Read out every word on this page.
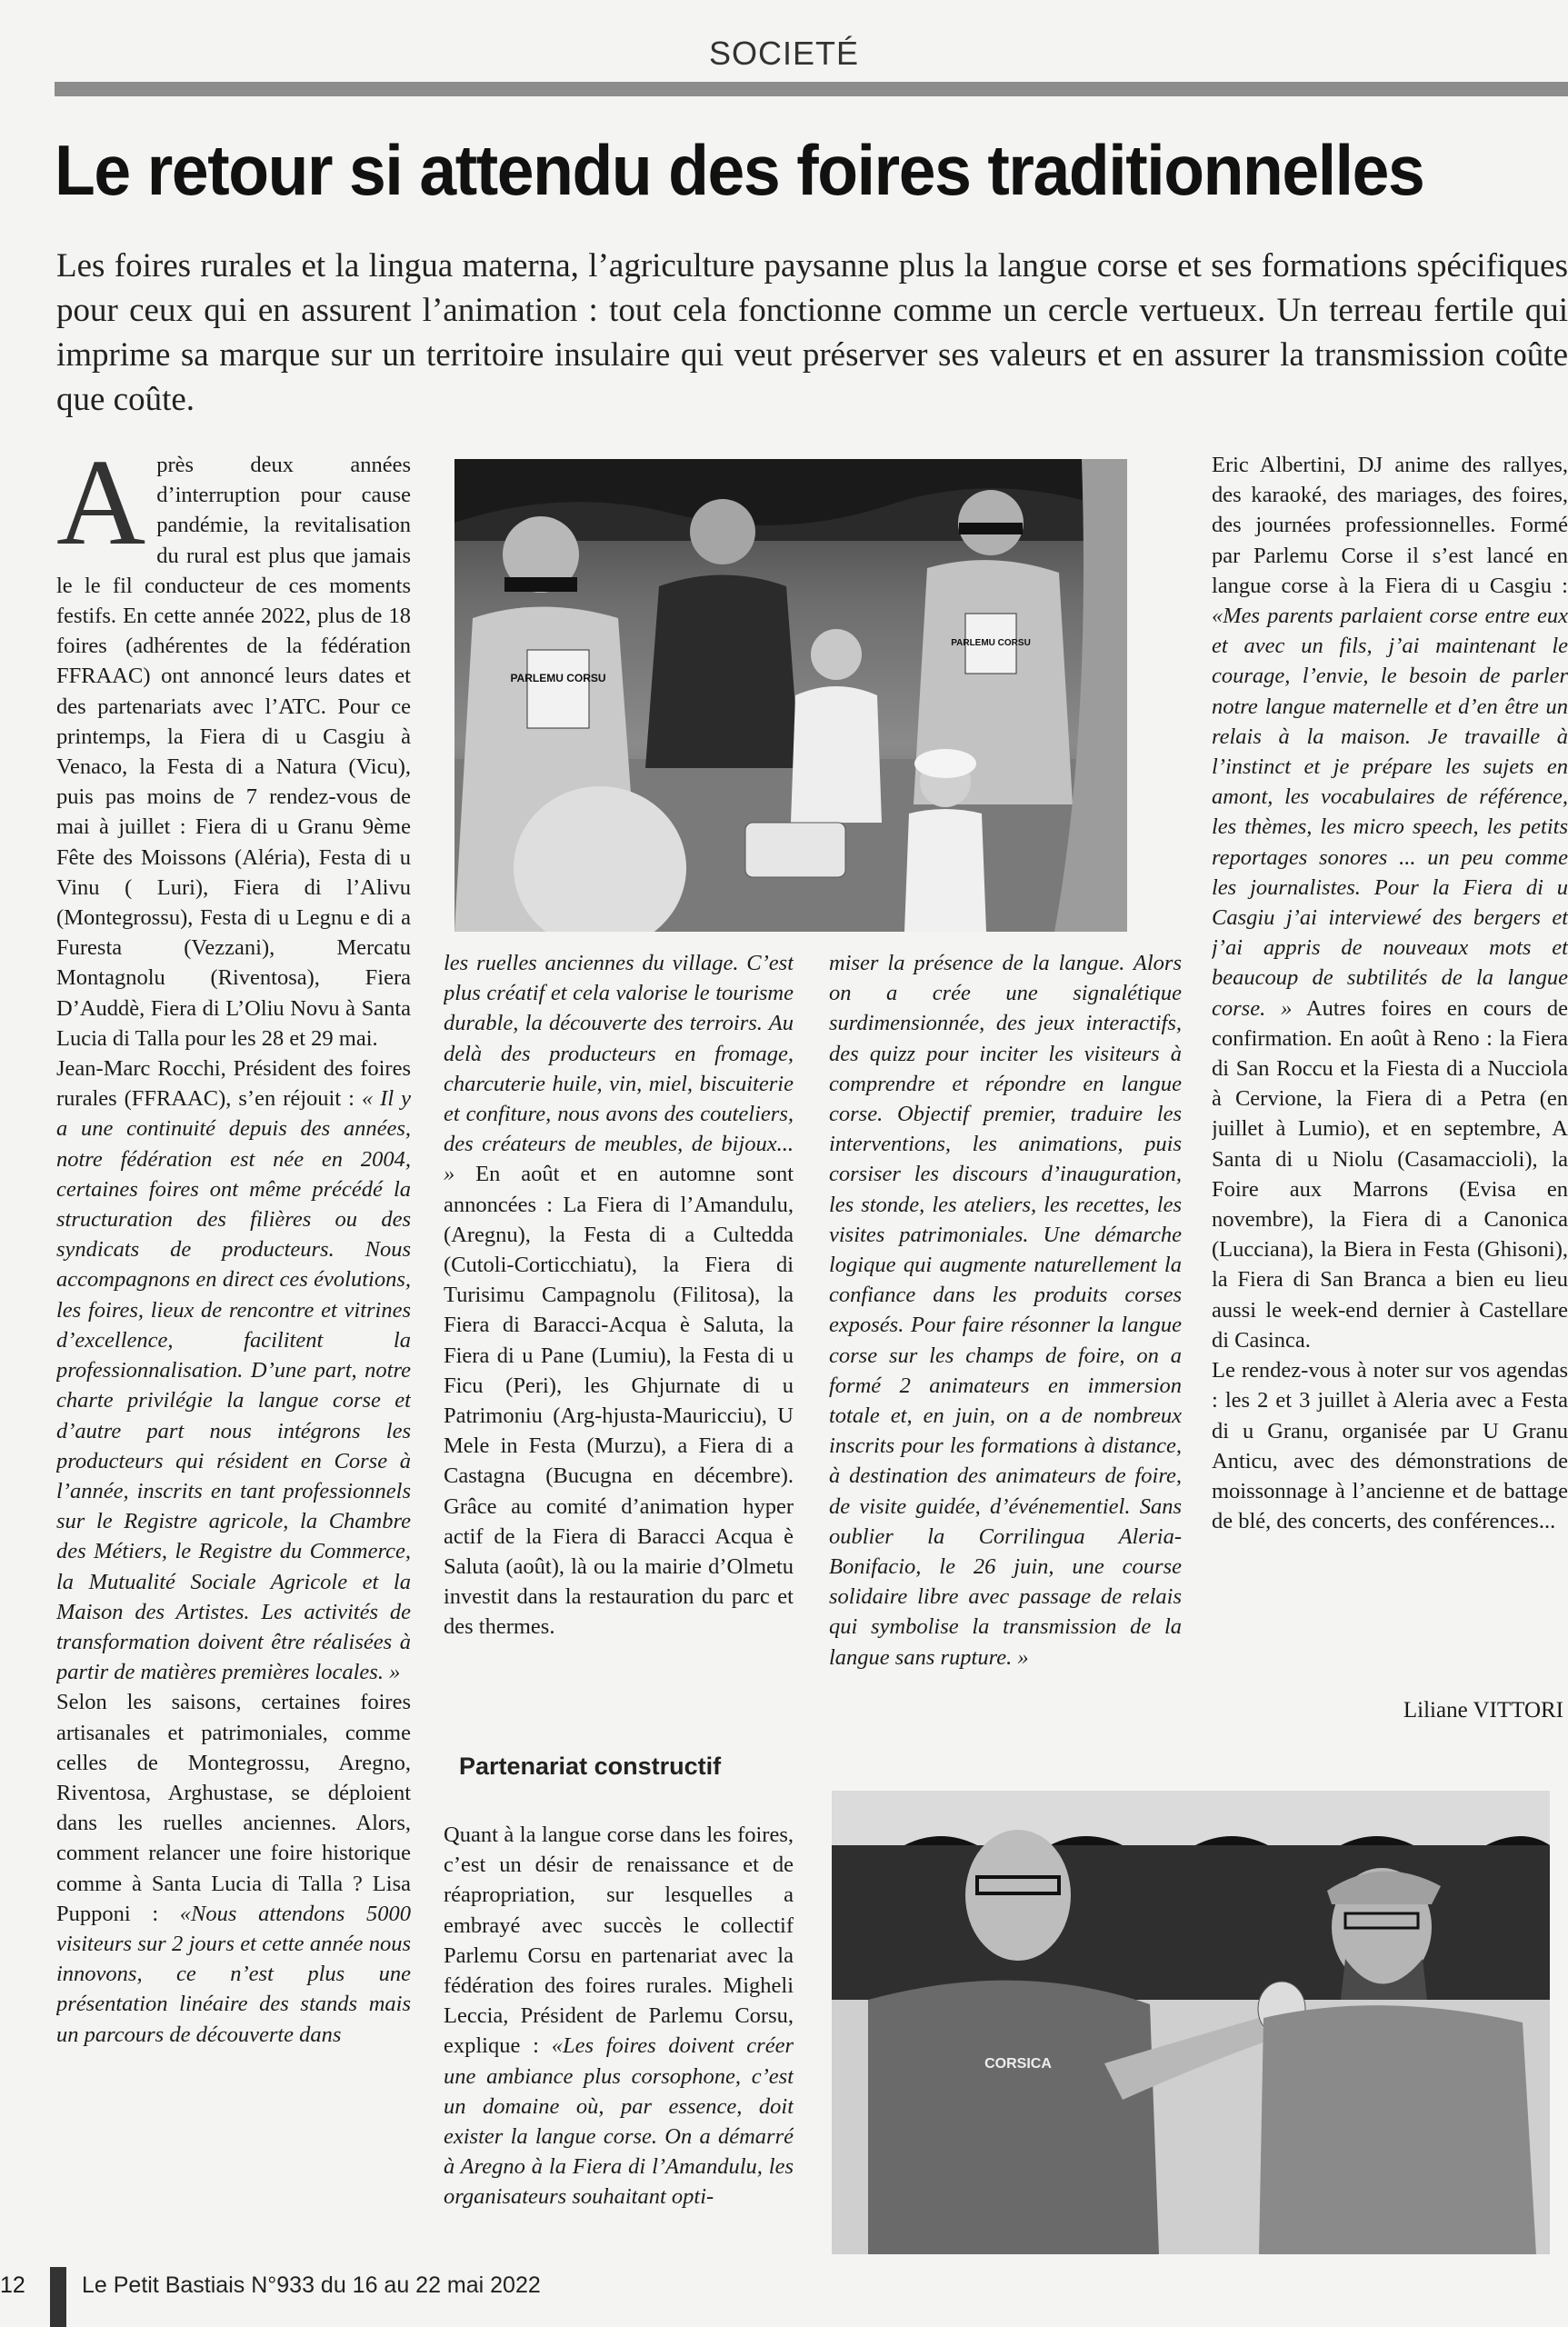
SOCIETÉ
Le retour si attendu des foires traditionnelles
Les foires rurales et la lingua materna, l’agriculture paysanne plus la langue corse et ses formations spécifiques pour ceux qui en assurent l’animation : tout cela fonctionne comme un cercle vertueux. Un terreau fertile qui imprime sa marque sur un territoire insulaire qui veut préserver ses valeurs et en assurer la transmission coûte que coûte.

Après deux années d’interruption pour cause pandémie, la revitalisation du rural est plus que jamais le le fil conducteur de ces moments festifs. En cette année 2022, plus de 18 foires (adhérentes de la fédération FFRAAC) ont annoncé leurs dates et des partenariats avec l’ATC. Pour ce printemps, la Fiera di u Casgiu à Venaco, la Festa di a Natura (Vicu), puis pas moins de 7 rendez-vous de mai à juillet : Fiera di u Granu 9ème Fête des Moissons (Aléria), Festa di u Vinu ( Luri), Fiera di l’Alivu (Montegrossu), Festa di u Legnu e di a Furesta (Vezzani), Mercatu Montagnolu (Riventosa), Fiera D’Auddè, Fiera di L’Oliu Novu à Santa Lucia di Talla pour les 28 et 29 mai.

Jean-Marc Rocchi, Président des foires rurales (FFRAAC), s’en réjouit : « Il y a une continuité depuis des années, notre fédération est née en 2004, certaines foires ont même précédé la structuration des filières ou des syndicats de producteurs. Nous accompagnons en direct ces évolutions, les foires, lieux de rencontre et vitrines d’excellence, facilitent la professionnalisation. D’une part, notre charte privilégie la langue corse et d’autre part nous intégrons les producteurs qui résident en Corse à l’année, inscrits en tant professionnels sur le Registre agricole, la Chambre des Métiers, le Registre du Commerce, la Mutualité Sociale Agricole et la Maison des Artistes. Les activités de transformation doivent être réalisées à partir de matières premières locales. »

Selon les saisons, certaines foires artisanales et patrimoniales, comme celles de Montegrossu, Aregno, Riventosa, Arghustase, se déploient dans les ruelles anciennes. Alors, comment relancer une foire historique comme à Santa Lucia di Talla ? Lisa Pupponi : «Nous attendons 5000 visiteurs sur 2 jours et cette année nous innovons, ce n’est plus une présentation linéaire des stands mais un parcours de découverte dans

PARLEMU CORSU
PARLEMU CORSU

les ruelles anciennes du village. C’est plus créatif et cela valorise le tourisme durable, la découverte des terroirs. Au delà des producteurs en fromage, charcuterie huile, vin, miel, biscuiterie et confiture, nous avons des couteliers, des créateurs de meubles, de bijoux... » En août et en automne sont annoncées : La Fiera di l’Amandulu, (Aregnu), la Festa di a Cultedda (Cutoli-Corticchiatu), la Fiera di Turisimu Campagnolu (Filitosa), la Fiera di Baracci-Acqua è Saluta, la Fiera di u Pane (Lumiu), la Festa di u Ficu (Peri), les Ghjurnate di u Patrimoniu (Arg-hjusta-Mauricciu), U Mele in Festa (Murzu), a Fiera di a Castagna (Bucugna en décembre). Grâce au comité d’animation hyper actif de la Fiera di Baracci Acqua è Saluta (août), là ou la mairie d’Olmetu investit dans la restauration du parc et des thermes.

Partenariat constructif

Quant à la langue corse dans les foires, c’est un désir de renaissance et de réapropriation, sur lesquelles a embrayé avec succès le collectif Parlemu Corsu en partenariat avec la fédération des foires rurales. Migheli Leccia, Président de Parlemu Corsu, explique : «Les foires doivent créer une ambiance plus corsophone, c’est un domaine où, par essence, doit exister la langue corse. On a démarré à Aregno à la Fiera di l’Amandulu, les organisateurs souhaitant opti-

miser la présence de la langue. Alors on a crée une signalétique surdimensionnée, des jeux interactifs, des quizz pour inciter les visiteurs à comprendre et répondre en langue corse. Objectif premier, traduire les interventions, les animations, puis corsiser les discours d’inauguration, les stonde, les ateliers, les recettes, les visites patrimoniales. Une démarche logique qui augmente naturellement la confiance dans les produits corses exposés. Pour faire résonner la langue corse sur les champs de foire, on a formé 2 animateurs en immersion totale et, en juin, on a de nombreux inscrits pour les formations à distance, à destination des animateurs de foire, de visite guidée, d’événementiel. Sans oublier la Corrilingua Aleria-Bonifacio, le 26 juin, une course solidaire libre avec passage de relais qui symbolise la transmission de la langue sans rupture. »

Eric Albertini, DJ anime des rallyes, des karaoké, des mariages, des foires, des journées professionnelles. Formé par Parlemu Corse il s’est lancé en langue corse à la Fiera di u Casgiu : «Mes parents parlaient corse entre eux et avec un fils, j’ai maintenant le courage, l’envie, le besoin de parler notre langue maternelle et d’en être un relais à la maison. Je travaille à l’instinct et je prépare les sujets en amont, les vocabulaires de référence, les thèmes, les micro speech, les petits reportages sonores ... un peu comme les journalistes. Pour la Fiera di u Casgiu j’ai interviewé des bergers et j’ai appris de nouveaux mots et beaucoup de subtilités de la langue corse. » Autres foires en cours de confirmation. En août à Reno : la Fiera di San Roccu et la Fiesta di a Nucciola à Cervione, la Fiera di a Petra (en juillet à Lumio), et en septembre, A Santa di u Niolu (Casamaccioli), la Foire aux Marrons (Evisa en novembre), la Fiera di a Canonica (Lucciana), la Biera in Festa (Ghisoni), la Fiera di San Branca a bien eu lieu aussi le week-end dernier à Castellare di Casinca.

Le rendez-vous à noter sur vos agendas : les 2 et 3 juillet à Aleria avec a Festa di u Granu, organisée par U Granu Anticu, avec des démonstrations de moissonnage à l’ancienne et de battage de blé, des concerts, des conférences...

Liliane VITTORI
CORSICA
12 Le Petit Bastiais N°933 du 16 au 22 mai 2022
